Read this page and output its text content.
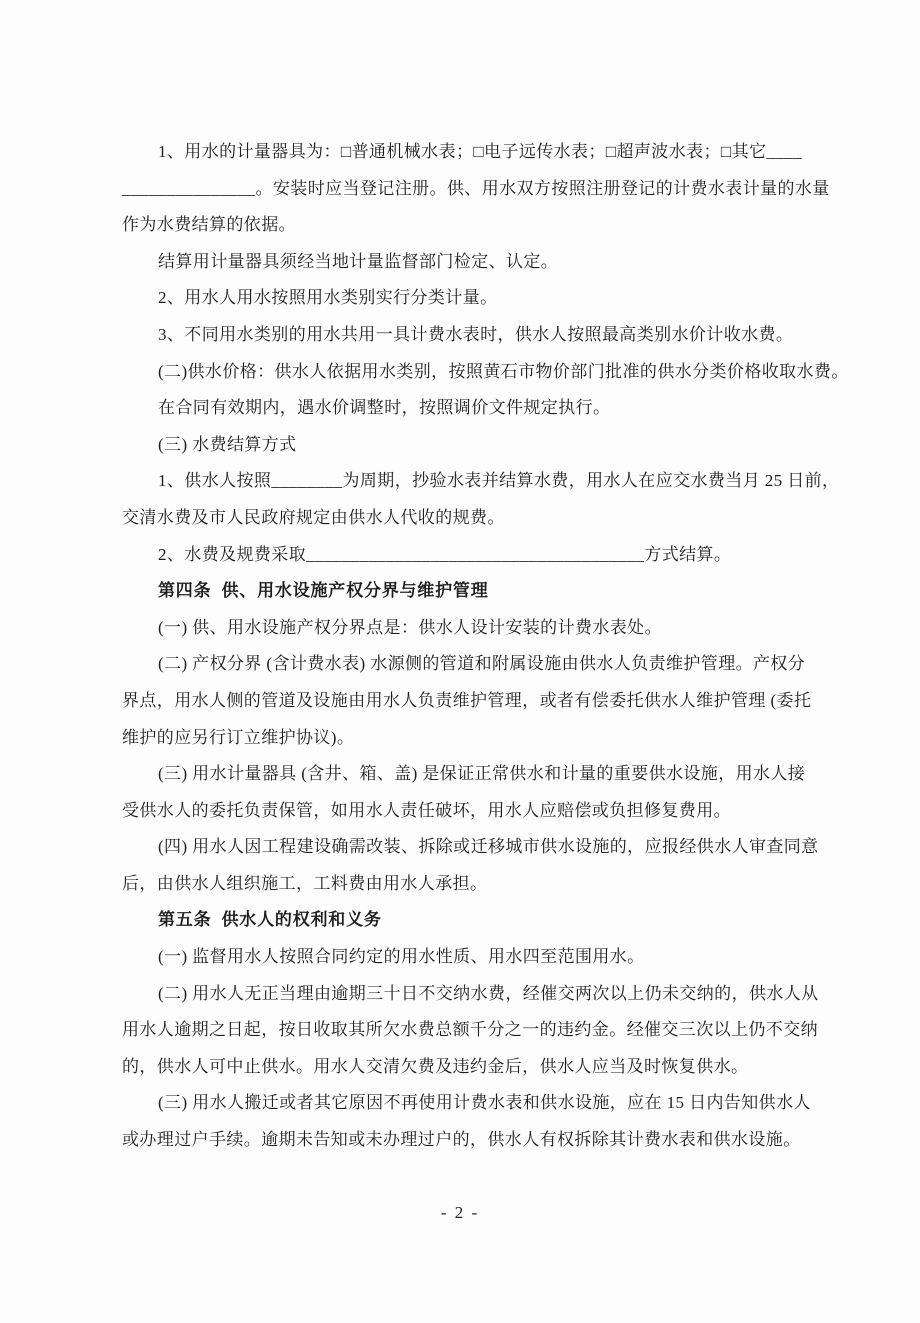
1、用水的计量器具为：□普通机械水表；□电子远传水表；□超声波水表；□其它____
_______________。安装时应当登记注册。供、用水双方按照注册登记的计费水表计量的水量
作为水费结算的依据。
结算用计量器具须经当地计量监督部门检定、认定。
2、用水人用水按照用水类别实行分类计量。
3、不同用水类别的用水共用一具计费水表时，供水人按照最高类别水价计收水费。
(二)供水价格：供水人依据用水类别，按照黄石市物价部门批准的供水分类价格收取水费。
在合同有效期内，遇水价调整时，按照调价文件规定执行。
(三) 水费结算方式
1、供水人按照________为周期，抄验水表并结算水费，用水人在应交水费当月 25 日前，
交清水费及市人民政府规定由供水人代收的规费。
2、水费及规费采取______________________________________方式结算。
第四条  供、用水设施产权分界与维护管理
(一) 供、用水设施产权分界点是：供水人设计安装的计费水表处。
(二) 产权分界 (含计费水表) 水源侧的管道和附属设施由供水人负责维护管理。产权分
界点，用水人侧的管道及设施由用水人负责维护管理，或者有偿委托供水人维护管理 (委托
维护的应另行订立维护协议)。
(三) 用水计量器具 (含井、箱、盖) 是保证正常供水和计量的重要供水设施，用水人接
受供水人的委托负责保管，如用水人责任破坏，用水人应赔偿或负担修复费用。
(四) 用水人因工程建设确需改装、拆除或迁移城市供水设施的，应报经供水人审查同意
后，由供水人组织施工，工料费由用水人承担。
第五条  供水人的权利和义务
(一) 监督用水人按照合同约定的用水性质、用水四至范围用水。
(二) 用水人无正当理由逾期三十日不交纳水费，经催交两次以上仍未交纳的，供水人从
用水人逾期之日起，按日收取其所欠水费总额千分之一的违约金。经催交三次以上仍不交纳
的，供水人可中止供水。用水人交清欠费及违约金后，供水人应当及时恢复供水。
(三) 用水人搬迁或者其它原因不再使用计费水表和供水设施，应在 15 日内告知供水人
或办理过户手续。逾期未告知或未办理过户的，供水人有权拆除其计费水表和供水设施。
- 2 -
